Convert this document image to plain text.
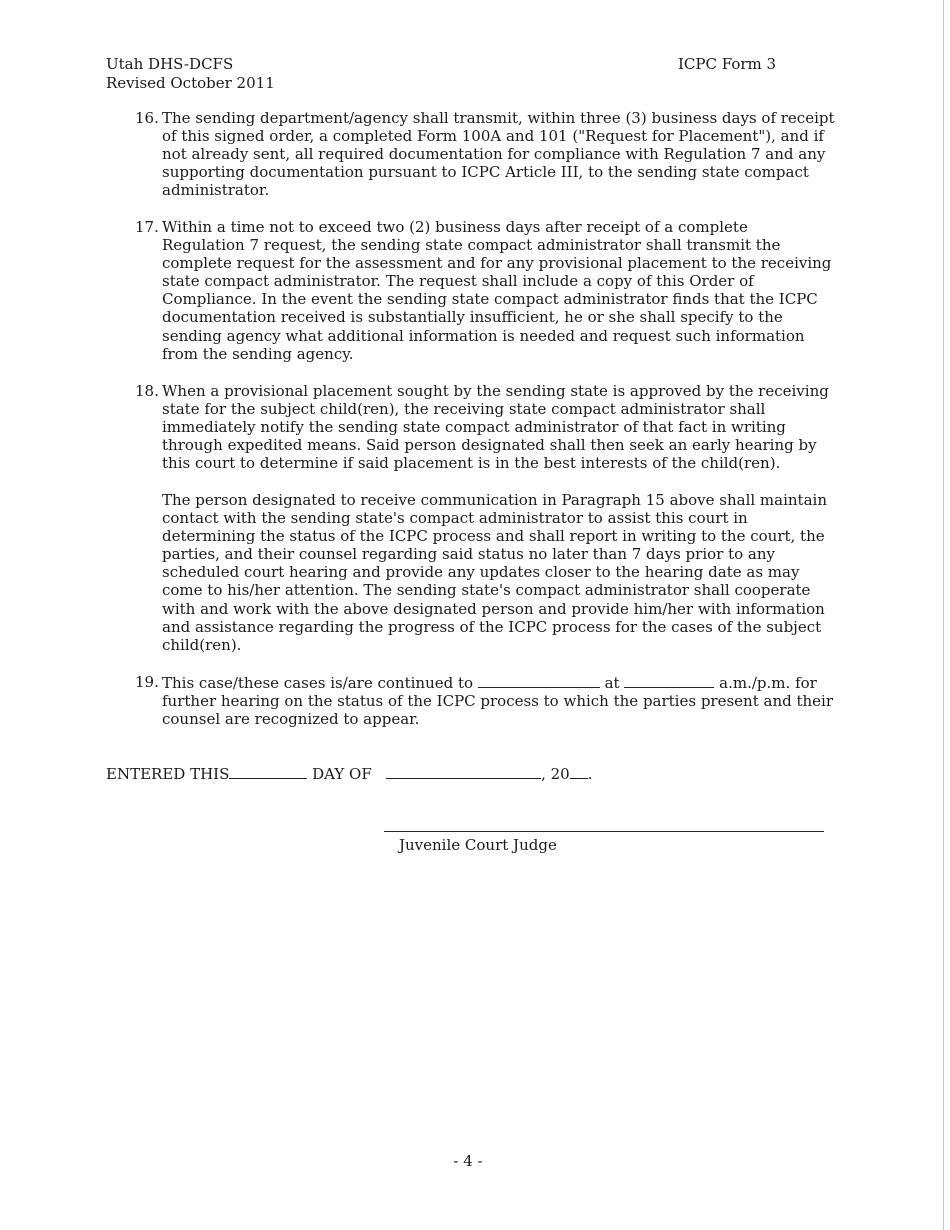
Utah DHS-DCFS
Revised October 2011
ICPC Form 3
16. The sending department/agency shall transmit, within three (3) business days of receipt of this signed order, a completed Form 100A and 101 ("Request for Placement"), and if not already sent, all required documentation for compliance with Regulation 7 and any supporting documentation pursuant to ICPC Article III, to the sending state compact administrator.
17. Within a time not to exceed two (2) business days after receipt of a complete Regulation 7 request, the sending state compact administrator shall transmit the complete request for the assessment and for any provisional placement to the receiving state compact administrator. The request shall include a copy of this Order of Compliance. In the event the sending state compact administrator finds that the ICPC documentation received is substantially insufficient, he or she shall specify to the sending agency what additional information is needed and request such information from the sending agency.
18. When a provisional placement sought by the sending state is approved by the receiving state for the subject child(ren), the receiving state compact administrator shall immediately notify the sending state compact administrator of that fact in writing through expedited means. Said person designated shall then seek an early hearing by this court to determine if said placement is in the best interests of the child(ren).
The person designated to receive communication in Paragraph 15 above shall maintain contact with the sending state's compact administrator to assist this court in determining the status of the ICPC process and shall report in writing to the court, the parties, and their counsel regarding said status no later than 7 days prior to any scheduled court hearing and provide any updates closer to the hearing date as may come to his/her attention. The sending state's compact administrator shall cooperate with and work with the above designated person and provide him/her with information and assistance regarding the progress of the ICPC process for the cases of the subject child(ren).
19. This case/these cases is/are continued to	at	a.m./p.m. for further hearing on the status of the ICPC process to which the parties present and their counsel are recognized to appear.
ENTERED THIS	DAY OF	, 20 .
Juvenile Court Judge
- 4 -
